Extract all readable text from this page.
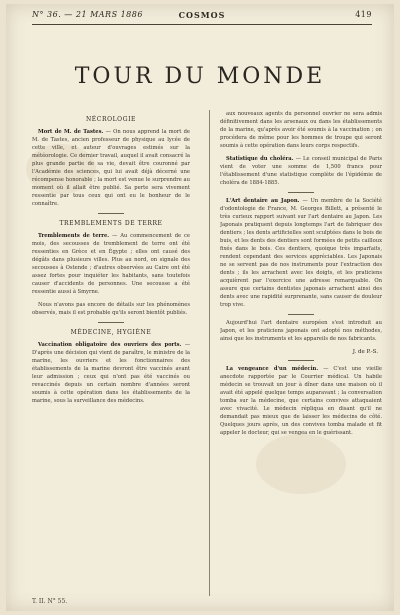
N° 36. — 21 MARS 1886	COSMOS	419
TOUR DU MONDE
NÉCROLOGIE

Mort de M. de Tastes. — On nous apprend la mort de M. de Tastes, ancien professeur de physique au lycée de cette ville, et auteur d'ouvrages estimés sur la météorologie. Ce dernier travail, auquel il avait consacré la plus grande partie de sa vie, devait être couronné par l'Académie des sciences, qui lui avait déjà décerné une récompense honorable ; la mort est venue le surprendre au moment où il allait être publié. Sa perte sera vivement ressentie par tous ceux qui ont eu le bonheur de le connaître.

TREMBLEMENTS DE TERRE

Tremblements de terre. — Au commencement de ce mois, des secousses de tremblement de terre ont été ressenties en Grèce et en Égypte ; elles ont causé des dégâts dans plusieurs villes. Plus au nord, on signale des secousses à Ostende ; d'autres observées au Caire ont été assez fortes pour inquiéter les habitants, sans toutefois causer d'accidents de personnes. Une secousse a été ressentie aussi à Smyrne.

Nous n'avons pas encore de détails sur les phénomènes observés, mais il est probable qu'ils seront bientôt publiés.

MÉDECINE, HYGIÈNE

Vaccination obligatoire des ouvriers des ports. — D'après une décision qui vient de paraître, le ministre de la marine, les ouvriers et les fonctionnaires des établissements de la marine devront être vaccinés avant leur admission ; ceux qui n'ont pas été vaccinés ou revaccinés depuis un certain nombre d'années seront soumis à cette opération dans les établissements de la marine, sous la surveillance des médecins.

aux nouveaux agents du personnel ouvrier ne sera admis définitivement dans les arsenaux ou dans les établissements de la marine, qu'après avoir été soumis à la vaccination ; on procédera de même pour les hommes de troupe qui seront soumis à cette opération dans leurs corps respectifs.

Statistique du choléra. — Le conseil municipal de Paris vient de voter une somme de 1,500 francs pour l'établissement d'une statistique complète de l'épidémie de choléra de 1884-1885.

L'Art dentaire au Japon. — Un membre de la Société d'odontologie de France, M. Georges Billett, a présenté le très curieux rapport suivant sur l'art dentaire au Japon. Les Japonais pratiquent depuis longtemps l'art de fabriquer des dentiers ; les dents artificielles sont sculptées dans le bois de buis, et les dents des dentiers sont formées de petits cailloux fixés dans le bois. Ces dentiers, quoique très imparfaits, rendent cependant des services appréciables. Les Japonais ne se servent pas de nos instruments pour l'extraction des dents ; ils les arrachent avec les doigts, et les praticiens acquièrent par l'exercice une adresse remarquable. On assure que certains dentistes japonais arrachent ainsi des dents avec une rapidité surprenante, sans causer de douleur trop vive.

Aujourd'hui l'art dentaire européen s'est introduit au Japon, et les praticiens japonais ont adopté nos méthodes, ainsi que les instruments et les appareils de nos fabricants.

J. de P.-S.

La vengeance d'un médecin. — C'est une vieille anecdote rapportée par le Courrier médical. Un habile médecin se trouvait un jour à dîner dans une maison où il avait été appelé quelque temps auparavant ; la conversation tomba sur la médecine, que certains convives attaquaient avec vivacité. Le médecin répliqua en disant qu'il ne demandait pas mieux que de laisser les médecins de côté. Quelques jours après, un des convives tomba malade et fit appeler le docteur, qui se vengea en le guérissant.

T. II. N° 55.
